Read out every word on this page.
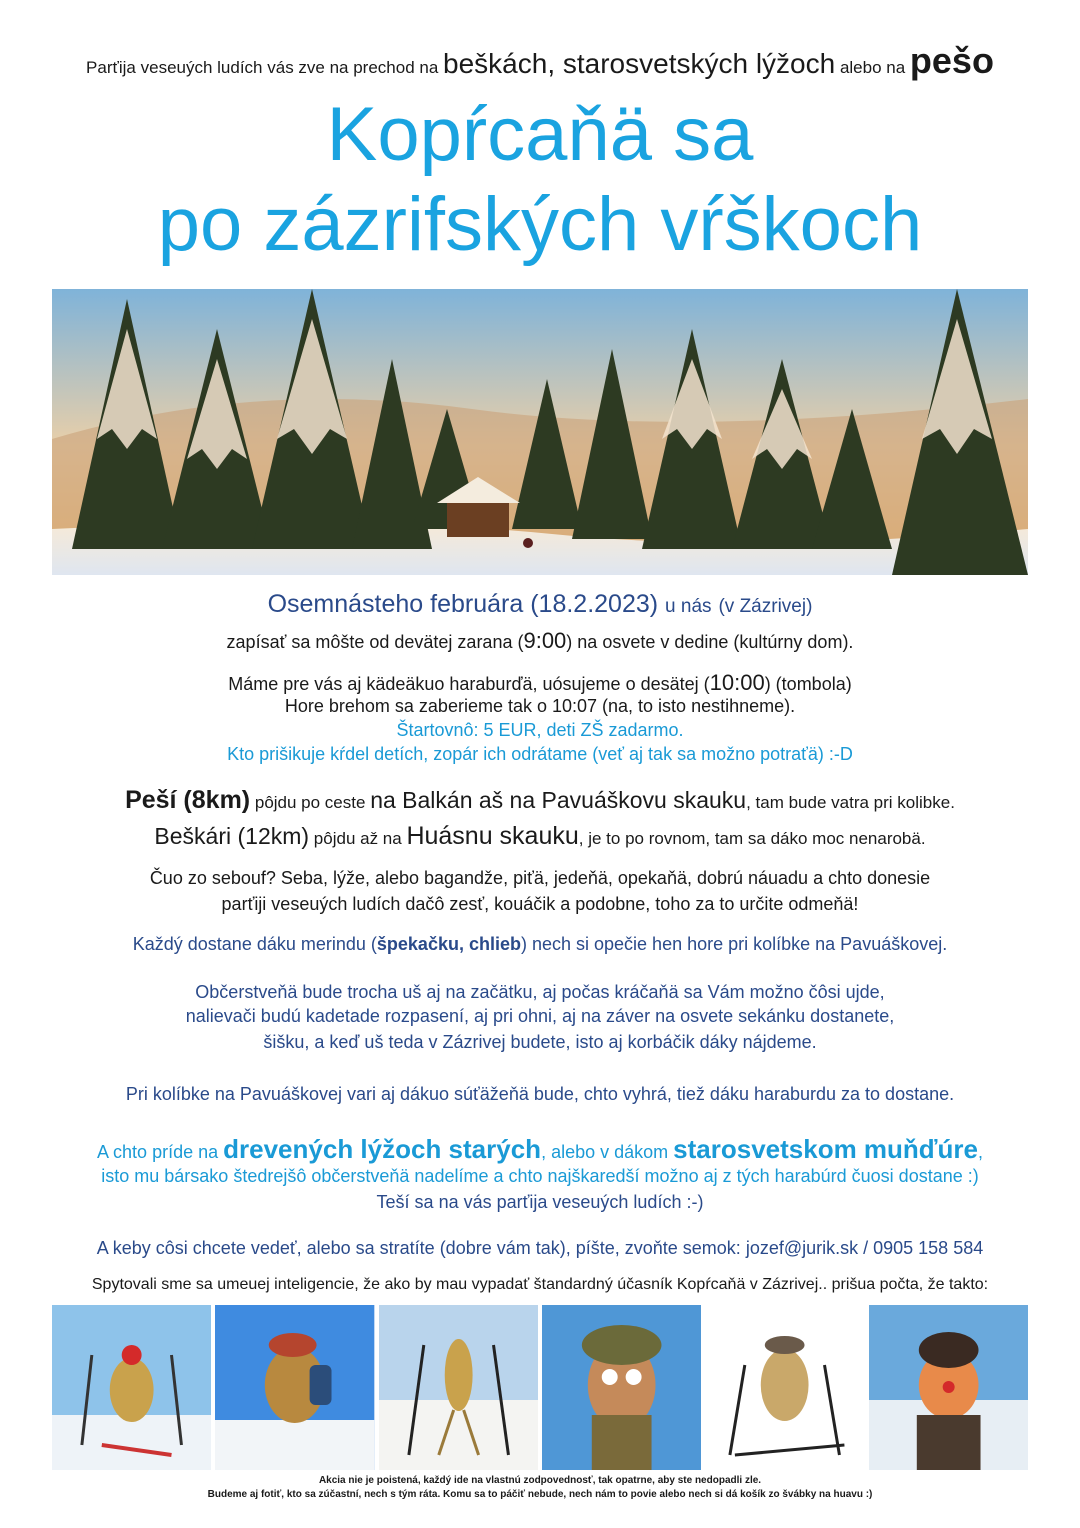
Parťija veseuých ludích vás zve na prechod na beškách, starosvetských lýžoch alebo na pešo
Kopŕcaňä sa
po zázrifských vŕškoch
Osemnásteho februára (18.2.2023) u nás (v Zázrivej)
zapísať sa môšte od devätej zarana (9:00) na osvete v dedine (kultúrny dom).
Máme pre vás aj kädeäkuo haraburďä, uósujeme o desätej (10:00) (tombola)
Hore brehom sa zaberieme tak o 10:07 (na, to isto nestihneme).
Štartovnô: 5 EUR, deti ZŠ zadarmo.
Kto prišikuje kŕdel detích, zopár ich odrátame (veť aj tak sa možno potraťä) :-D
Peší (8km) pôjdu po ceste na Balkán aš na Pavuáškovu skauku, tam bude vatra pri kolibke.
Beškári (12km) pôjdu až na Huásnu skauku, je to po rovnom, tam sa dáko moc nenarobä.
Čuo zo sebouf? Seba, lýže, alebo bagandže, piťä, jedeňä, opekaňä, dobrú náuadu a chto donesie
parťiji veseuých ludích dačô zesť, kouáčik a podobne, toho za to určite odmeňä!
Každý dostane dáku merindu (špekačku, chlieb) nech si opečie hen hore pri kolíbke na Pavuáškovej.
Občerstveňä bude trocha uš aj na začätku, aj počas kráčaňä sa Vám možno čôsi ujde,
nalievači budú kadetade rozpasení, aj pri ohni, aj na záver na osvete sekánku dostanete,
šišku, a keď uš teda v Zázrivej budete, isto aj korbáčik dáky nájdeme.
Pri kolíbke na Pavuáškovej vari aj dákuo súťäžeňä bude, chto vyhrá, tiež dáku haraburdu za to dostane.
A chto príde na drevených lýžoch starých, alebo v dákom starosvetskom muňďúre,
isto mu bársako štedrejšô občerstveňä nadelíme a chto najškaredší možno aj z tých harabúrd čuosi dostane :)
Teší sa na vás parťija veseuých ludích :-)
A keby côsi chcete vedeť, alebo sa stratíte (dobre vám tak), píšte, zvoňte semok: jozef@jurik.sk / 0905 158 584
Spytovali sme sa umeuej inteligencie, že ako by mau vypadať štandardný účasník Kopŕcaňä v Zázrivej.. prišua počta, že takto:
Akcia nie je poistená, každý ide na vlastnú zodpovednosť, tak opatrne, aby ste nedopadli zle.
Budeme aj fotiť, kto sa zúčastní, nech s tým ráta. Komu sa to páčiť nebude, nech nám to povie alebo nech si dá košík zo švábky na huavu :)
